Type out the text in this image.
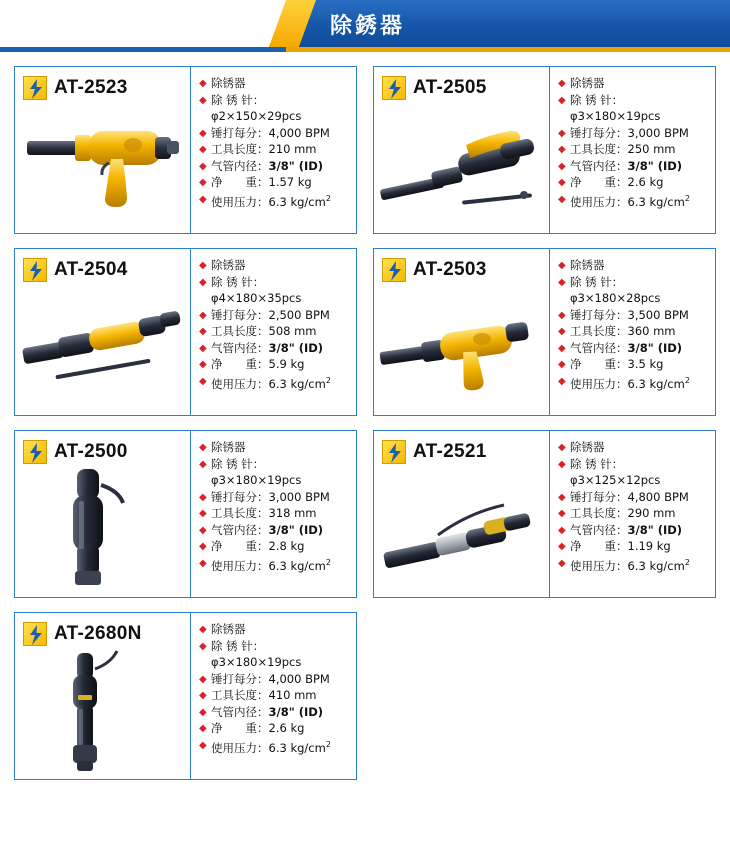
除銹器
AT-2523	◆ 除锈器
◆ 除 锈 针：
φ2×150×29pcs
◆ 锤打每分：4,000 BPM
◆ 工具长度：210 mm
◆ 气管内径：3/8" (ID)
◆ 净　　重：1.57 kg
◆ 使用压力：6.3 $kg/cm^2$
AT-2505	◆ 除锈器
◆ 除 锈 针：
φ3×180×19pcs
◆ 锤打每分：3,000 BPM
◆ 工具长度：250 mm
◆ 气管内径：3/8" (ID)
◆ 净　　重：2.6 kg
◆ 使用压力：6.3 $kg/cm^2$
AT-2504	◆ 除锈器
◆ 除 锈 针：
φ4×180×35pcs
◆ 锤打每分：2,500 BPM
◆ 工具长度：508 mm
◆ 气管内径：3/8" (ID)
◆ 净　　重：5.9 kg
◆ 使用压力：6.3 $kg/cm^2$
AT-2503	◆ 除锈器
◆ 除 锈 针：
φ3×180×28pcs
◆ 锤打每分：3,500 BPM
◆ 工具长度：360 mm
◆ 气管内径：3/8" (ID)
◆ 净　　重：3.5 kg
◆ 使用压力：6.3 $kg/cm^2$
AT-2500	◆ 除锈器
◆ 除 锈 针：
φ3×180×19pcs
◆ 锤打每分：3,000 BPM
◆ 工具长度：318 mm
◆ 气管内径：3/8" (ID)
◆ 净　　重：2.8 kg
◆ 使用压力：6.3 $kg/cm^2$
AT-2521	◆ 除锈器
◆ 除 锈 针：
φ3×125×12pcs
◆ 锤打每分：4,800 BPM
◆ 工具长度：290 mm
◆ 气管内径：3/8" (ID)
◆ 净　　重：1.19 kg
◆ 使用压力：6.3 $kg/cm^2$
AT-2680N	◆ 除锈器
◆ 除 锈 针：
φ3×180×19pcs
◆ 锤打每分：4,000 BPM
◆ 工具长度：410 mm
◆ 气管内径：3/8" (ID)
◆ 净　　重：2.6 kg
◆ 使用压力：6.3 $kg/cm^2$
